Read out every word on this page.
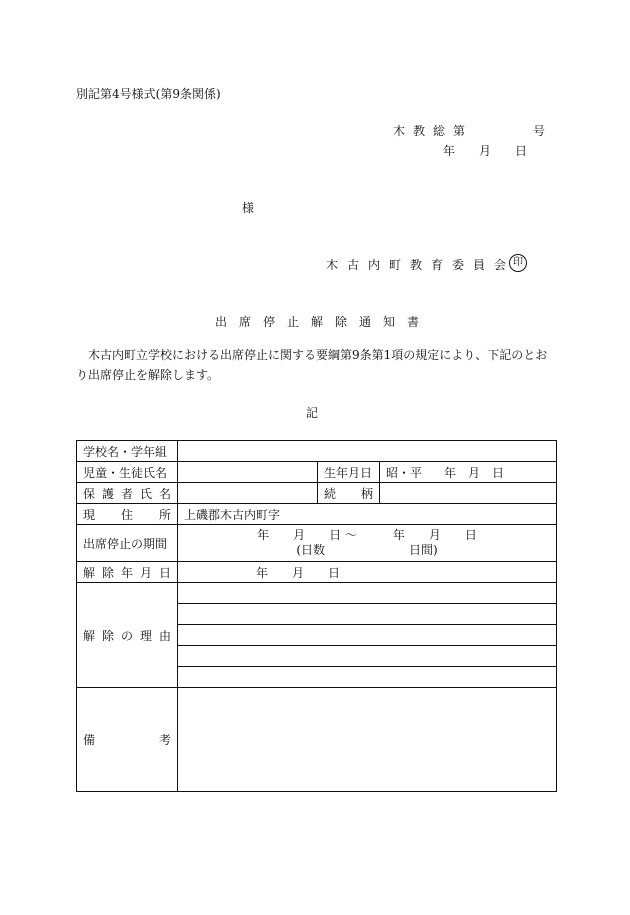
別記第4号様式(第9条関係)
木教総第　　　号
年　月　日
様
木古内町教育委員会
印
出席停止解除通知書
木古内町立学校における出席停止に関する要綱第9条第1項の規定により、下記のとおり出席停止を解除します。
記
学校名・学年組			
児童・生徒氏名		生年月日	昭・平 年　月　日
保護者氏名		続柄	
現住所	上磯郡木古内町字		
出席停止の期間	年　　月　　日 〜　　　年　　月　　日
(日数　　　　　　　日間)		

解除年月日	年　　月　　日		
解除の理由			

備考			
